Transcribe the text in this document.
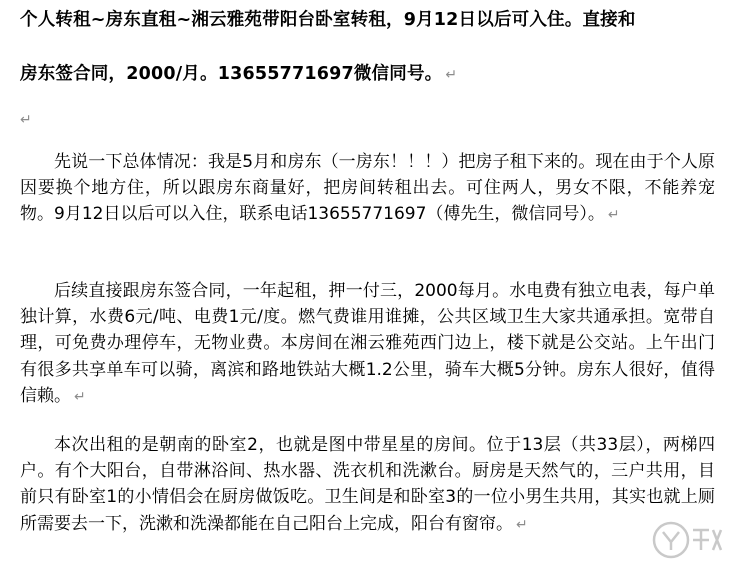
个人转租~房东直租~湘云雅苑带阳台卧室转租，9月12日以后可入住。直接和
房东签合同，2000/月。13655771697微信同号。 ↵
↵

先说一下总体情况：我是5月和房东（一房东！！！）把房子租下来的。现在由于个人原因要换个地方住，所以跟房东商量好，把房间转租出去。可住两人，男女不限，不能养宠物。9月12日以后可以入住，联系电话13655771697（傅先生，微信同号）。 ↵

后续直接跟房东签合同，一年起租，押一付三，2000每月。水电费有独立电表，每户单独计算，水费6元/吨、电费1元/度。燃气费谁用谁摊，公共区域卫生大家共通承担。宽带自理，可免费办理停车，无物业费。本房间在湘云雅苑西门边上，楼下就是公交站。上午出门有很多共享单车可以骑，离滨和路地铁站大概1.2公里，骑车大概5分钟。房东人很好，值得信赖。 ↵

本次出租的是朝南的卧室2，也就是图中带星星的房间。位于13层（共33层），两梯四户。有个大阳台，自带淋浴间、热水器、洗衣机和洗漱台。厨房是天然气的，三户共用，目前只有卧室1的小情侣会在厨房做饭吃。卫生间是和卧室3的一位小男生共用，其实也就上厕所需要去一下，洗漱和洗澡都能在自己阳台上完成，阳台有窗帘。 ↵
